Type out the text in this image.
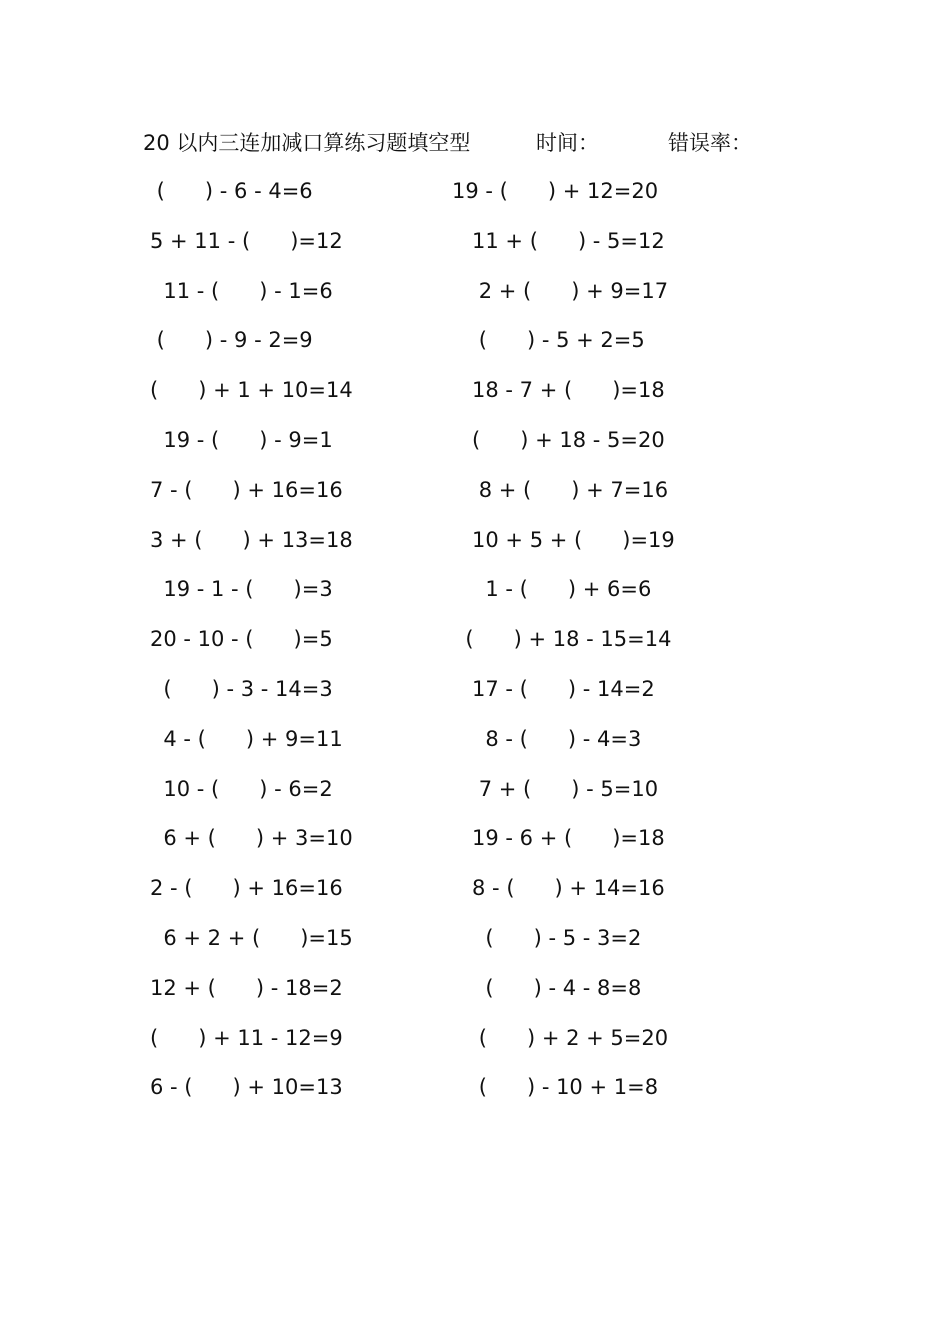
20 以内三连加减口算练习题填空型	时间：	错误率：
(      ) - 6 - 4=6
5 + 11 - (      )=12
11 - (      ) - 1=6
(      ) - 9 - 2=9
(      ) + 1 + 10=14
19 - (      ) - 9=1
7 - (      ) + 16=16
3 + (      ) + 13=18
19 - 1 - (      )=3
20 - 10 - (      )=5
(      ) - 3 - 14=3
4 - (      ) + 9=11
10 - (      ) - 6=2
6 + (      ) + 3=10
2 - (      ) + 16=16
6 + 2 + (      )=15
12 + (      ) - 18=2
(      ) + 11 - 12=9
6 - (      ) + 10=13
19 - (      ) + 12=20
11 + (      ) - 5=12
2 + (      ) + 9=17
(      ) - 5 + 2=5
18 - 7 + (      )=18
(      ) + 18 - 5=20
8 + (      ) + 7=16
10 + 5 + (      )=19
1 - (      ) + 6=6
(      ) + 18 - 15=14
17 - (      ) - 14=2
8 - (      ) - 4=3
7 + (      ) - 5=10
19 - 6 + (      )=18
8 - (      ) + 14=16
(      ) - 5 - 3=2
(      ) - 4 - 8=8
(      ) + 2 + 5=20
(      ) - 10 + 1=8
